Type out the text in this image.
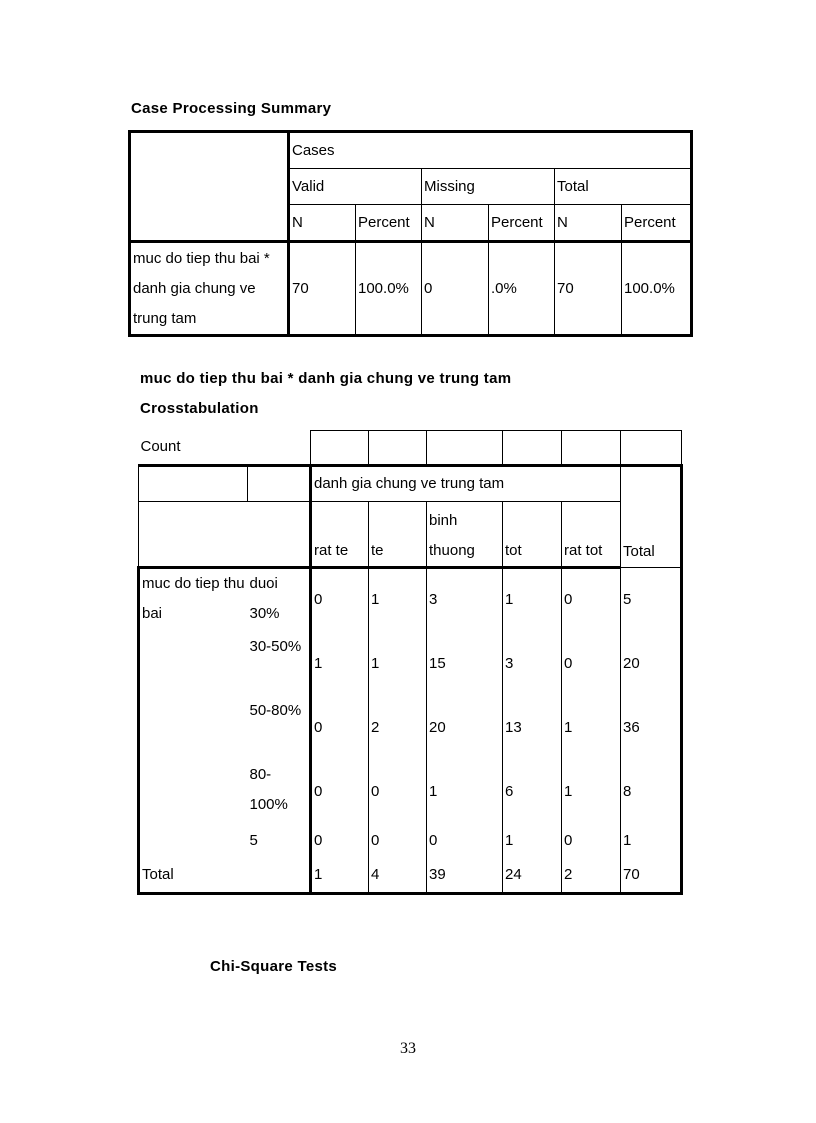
Case Processing Summary
	Cases					
	Valid		Missing		Total	
	N	Percent	N	Percent	N	Percent
muc do tiep thu bai * danh gia chung ve trung tam	70	100.0%	0	.0%	70	100.0%
muc do tiep thu bai * danh gia chung ve trung tam
Crosstabulation
Count							
		danh gia chung ve trung tam					Total
		rat te	te	binh thuong	tot	rat tot	
muc do tiep thu bai	duoi 30%	0	1	3	1	0	5
	30-50%	1	1	15	3	0	20
	50-80%	0	2	20	13	1	36
	80-100%	0	0	1	6	1	8
	5	0	0	0	1	0	1
Total		1	4	39	24	2	70
Chi-Square Tests
33
